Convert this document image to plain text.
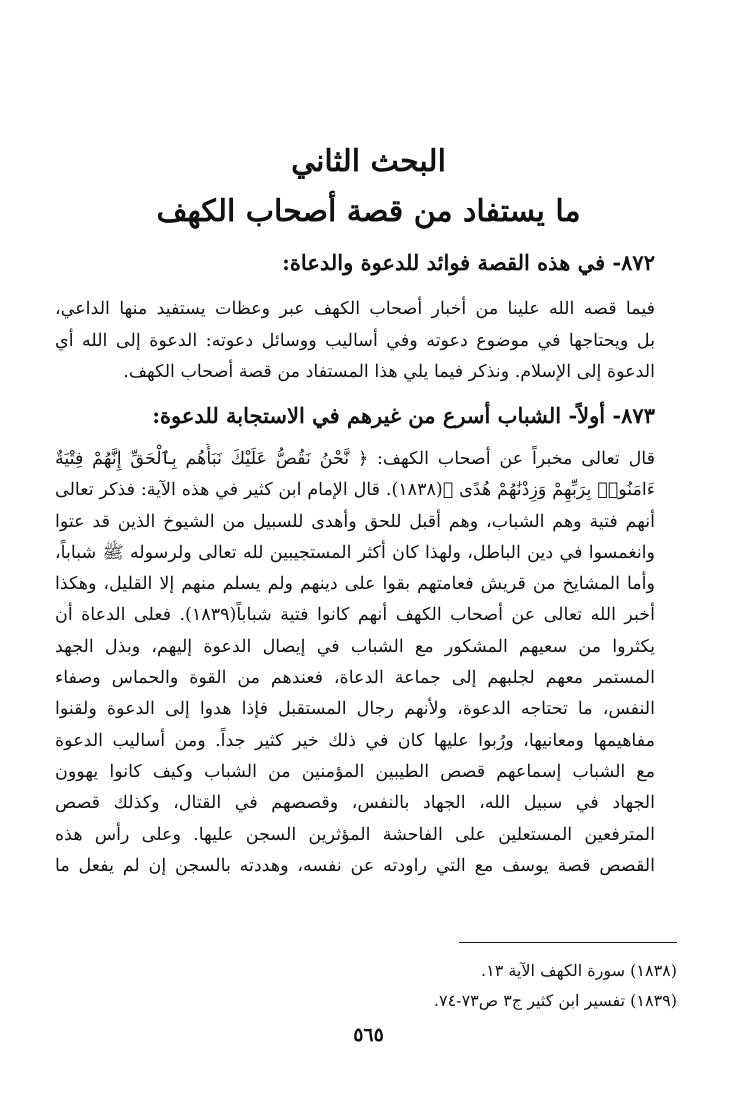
البحث الثاني
ما يستفاد من قصة أصحاب الكهف
٨٧٢- في هذه القصة فوائد للدعوة والدعاة:
فيما قصه الله علينا من أخبار أصحاب الكهف عبر وعظات يستفيد منها الداعي،
بل ويحتاجها في موضوع دعوته وفي أساليب ووسائل دعوته: الدعوة إلى الله أي
الدعوة إلى الإسلام. ونذكر فيما يلي هذا المستفاد من قصة أصحاب الكهف.
٨٧٣- أولاً- الشباب أسرع من غيرهم في الاستجابة للدعوة:
قال تعالى مخبراً عن أصحاب الكهف: ﴿ نَّحْنُ نَقُصُّ عَلَيْكَ نَبَأَهُم بِٱلْحَقِّ إِنَّهُمْ فِتْيَةٌ
ءَامَنُوا۟ بِرَبِّهِمْ وَزِدْنَٰهُمْ هُدًى ﴾(١٨٣٨). قال الإمام ابن كثير في هذه الآية: فذكر تعالى
أنهم فتية وهم الشباب، وهم أقبل للحق وأهدى للسبيل من الشيوخ الذين قد عتوا
وانغمسوا في دين الباطل، ولهذا كان أكثر المستجيبين لله تعالى ولرسوله ﷺ شباباً،
وأما المشايخ من قريش فعامتهم بقوا على دينهم ولم يسلم منهم إلا القليل، وهكذا
أخبر الله تعالى عن أصحاب الكهف أنهم كانوا فتية شباباً(١٨٣٩). فعلى الدعاة أن
يكثروا من سعيهم المشكور مع الشباب في إيصال الدعوة إليهم، وبذل الجهد
المستمر معهم لجلبهم إلى جماعة الدعاة، فعندهم من القوة والحماس وصفاء
النفس، ما تحتاجه الدعوة، ولأنهم رجال المستقبل فإذا هدوا إلى الدعوة ولقنوا
مفاهيمها ومعانيها، ورُبوا عليها كان في ذلك خير كثير جداً. ومن أساليب الدعوة
مع الشباب إسماعهم قصص الطيبين المؤمنين من الشباب وكيف كانوا يهوون
الجهاد في سبيل الله، الجهاد بالنفس، وقصصهم في القتال، وكذلك قصص
المترفعين المستعلين على الفاحشة المؤثرين السجن عليها. وعلى رأس هذه
القصص قصة يوسف مع التي راودته عن نفسه، وهددته بالسجن إن لم يفعل ما
(١٨٣٨) سورة الكهف الآية ١٣.
(١٨٣٩) تفسير ابن كثير ج٣ ص٧٣-٧٤.
٥٦٥
